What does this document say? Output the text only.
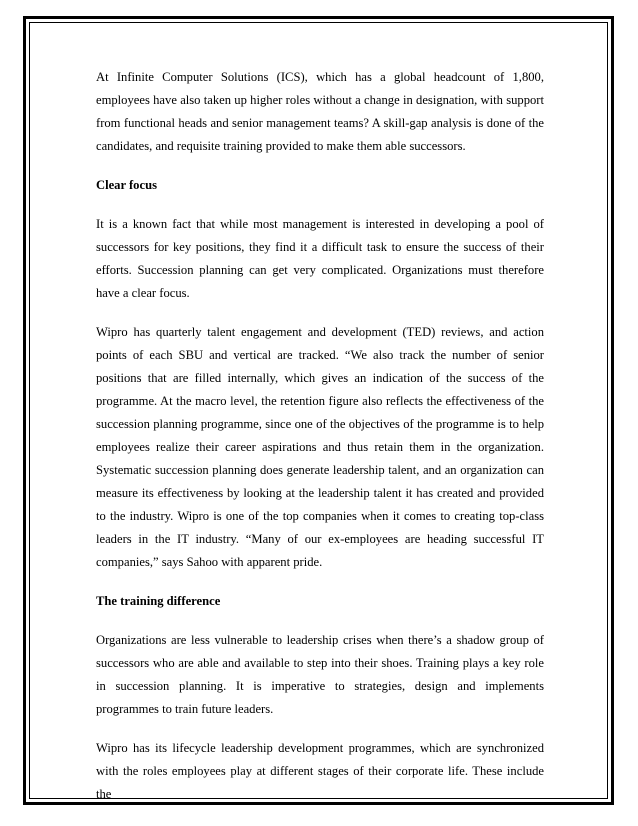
At Infinite Computer Solutions (ICS), which has a global headcount of 1,800, employees have also taken up higher roles without a change in designation, with support from functional heads and senior management teams? A skill-gap analysis is done of the candidates, and requisite training provided to make them able successors.

Clear focus

It is a known fact that while most management is interested in developing a pool of successors for key positions, they find it a difficult task to ensure the success of their efforts. Succession planning can get very complicated. Organizations must therefore have a clear focus.

Wipro has quarterly talent engagement and development (TED) reviews, and action points of each SBU and vertical are tracked. “We also track the number of senior positions that are filled internally, which gives an indication of the success of the programme. At the macro level, the retention figure also reflects the effectiveness of the succession planning programme, since one of the objectives of the programme is to help employees realize their career aspirations and thus retain them in the organization. Systematic succession planning does generate leadership talent, and an organization can measure its effectiveness by looking at the leadership talent it has created and provided to the industry. Wipro is one of the top companies when it comes to creating top-class leaders in the IT industry. “Many of our ex-employees are heading successful IT companies,” says Sahoo with apparent pride.

The training difference

Organizations are less vulnerable to leadership crises when there’s a shadow group of successors who are able and available to step into their shoes. Training plays a key role in succession planning. It is imperative to strategies, design and implements programmes to train future leaders.

Wipro has its lifecycle leadership development programmes, which are synchronized with the roles employees play at different stages of their corporate life. These include the
